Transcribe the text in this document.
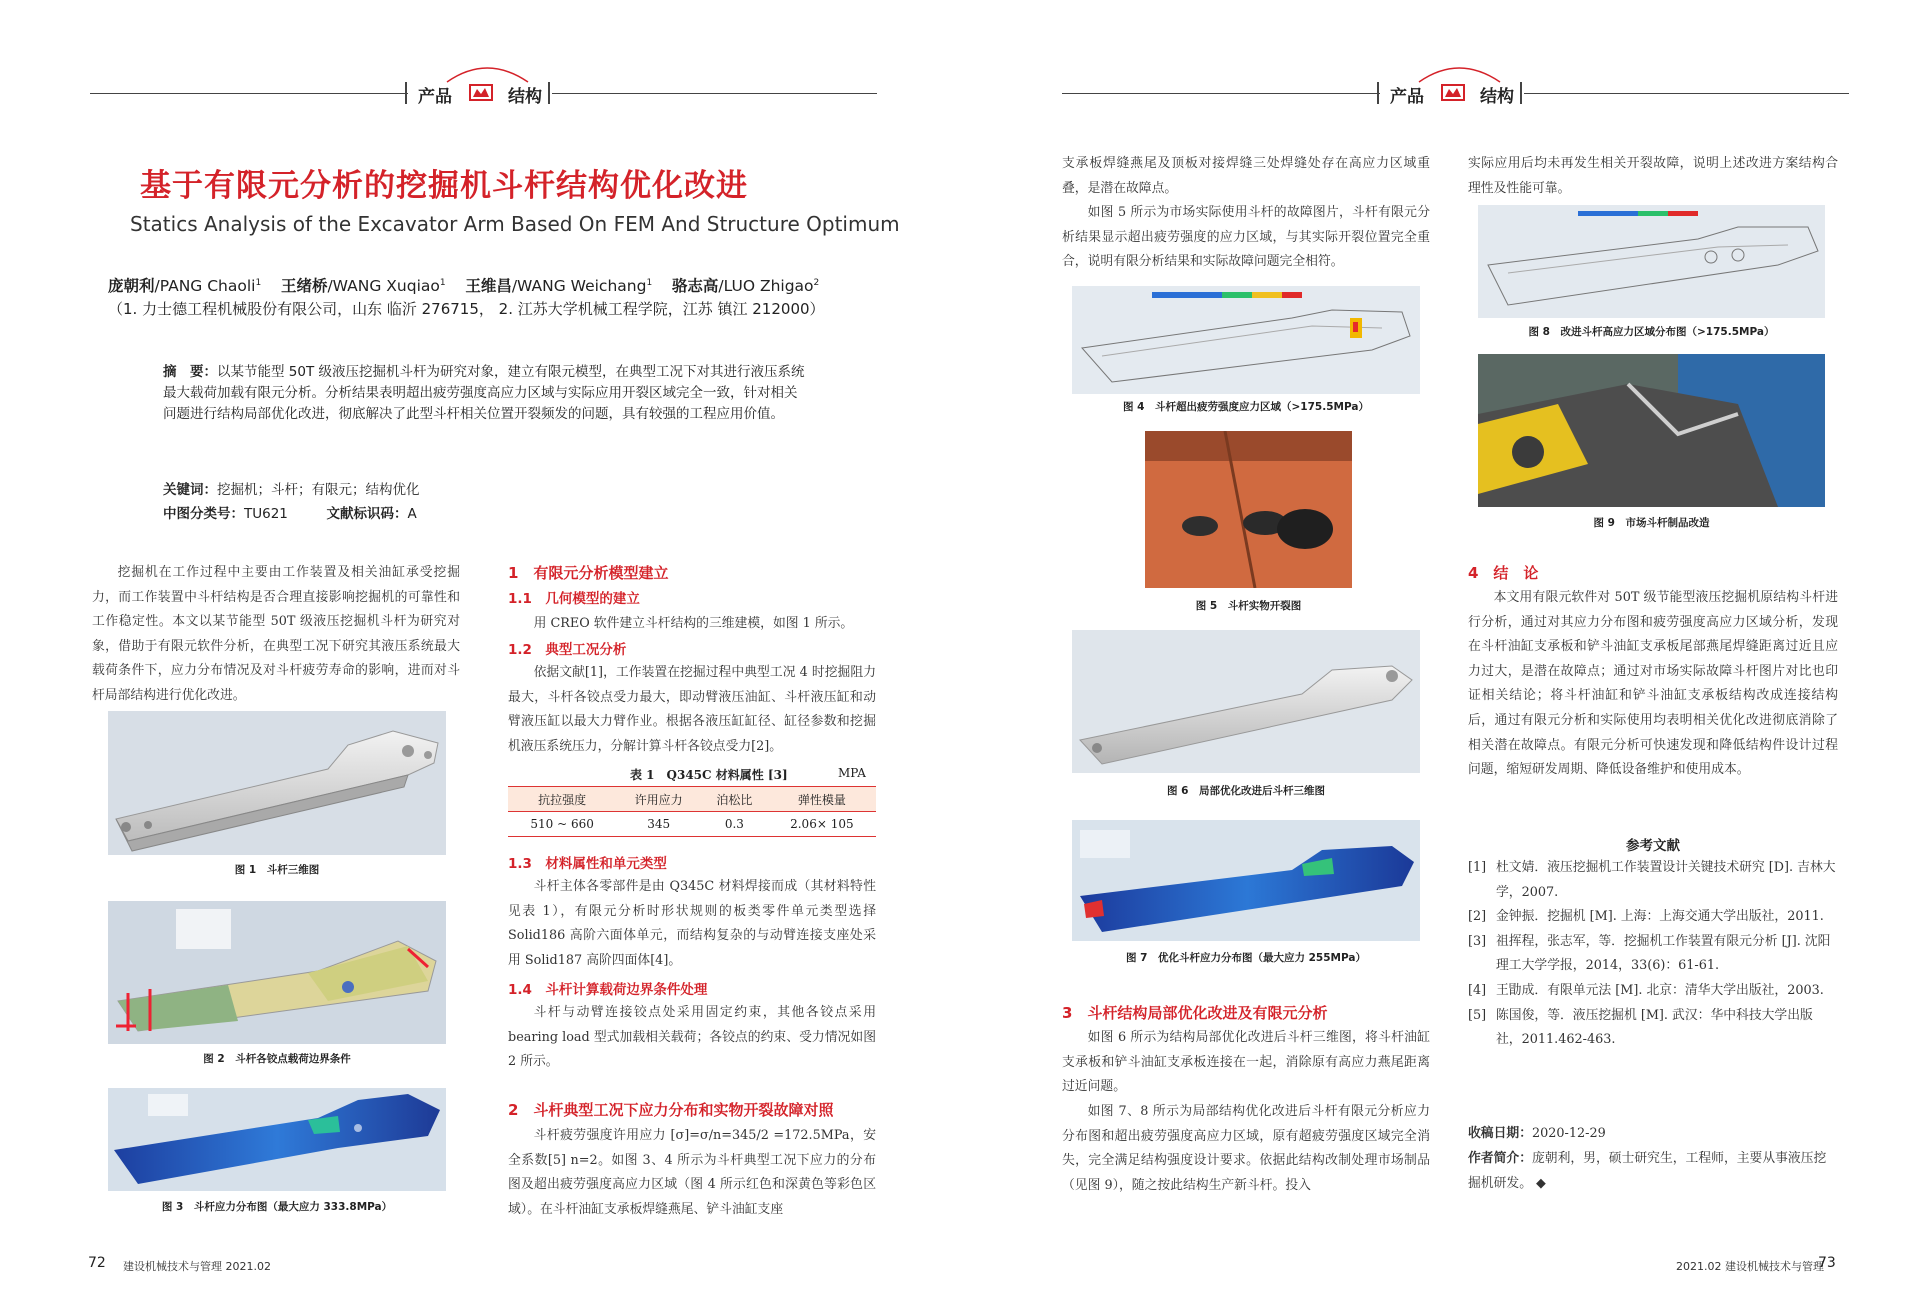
产品	结构	产品	结构
基于有限元分析的挖掘机斗杆结构优化改进
Statics Analysis of the Excavator Arm Based On FEM And Structure Optimum
庞朝利/PANG Chaoli$^1$ 王绪桥/WANG Xuqiao$^1$ 王维昌/WANG Weichang$^1$ 骆志高/LUO Zhigao$^2$
（1. 力士德工程机械股份有限公司，山东 临沂 276715， 2. 江苏大学机械工程学院，江苏 镇江 212000）
摘　要：以某节能型 50T 级液压挖掘机斗杆为研究对象，建立有限元模型，在典型工况下对其进行液压系统最大载荷加载有限元分析。分析结果表明超出疲劳强度高应力区域与实际应用开裂区域完全一致，针对相关问题进行结构局部优化改进，彻底解决了此型斗杆相关位置开裂频发的问题，具有较强的工程应用价值。
关键词：挖掘机；斗杆；有限元；结构优化
中图分类号：TU621	文献标识码：A
挖掘机在工作过程中主要由工作装置及相关油缸承受挖掘力，而工作装置中斗杆结构是否合理直接影响挖掘机的可靠性和工作稳定性。本文以某节能型 50T 级液压挖掘机斗杆为研究对象，借助于有限元软件分析，在典型工况下研究其液压系统最大载荷条件下，应力分布情况及对斗杆疲劳寿命的影响，进而对斗杆局部结构进行优化改进。
图 1　斗杆三维图
图 2　斗杆各铰点载荷边界条件
图 3　斗杆应力分布图（最大应力 333.8MPa）
1　有限元分析模型建立
1.1　几何模型的建立
用 CREO 软件建立斗杆结构的三维建模，如图 1 所示。
1.2　典型工况分析
依据文献[1]，工作装置在挖掘过程中典型工况 4 时挖掘阻力最大，斗杆各铰点受力最大，即动臂液压油缸、斗杆液压缸和动臂液压缸以最大力臂作业。根据各液压缸缸径、缸径参数和挖掘机液压系统压力，分解计算斗杆各铰点受力[2]。
表 1　Q345C 材料属性 [3]	MPA
抗拉强度	许用应力	泊松比	弹性模量
510 ~ 660	345	0.3	2.06× 105
1.3　材料属性和单元类型
斗杆主体各零部件是由 Q345C 材料焊接而成（其材料特性见表 1），有限元分析时形状规则的板类零件单元类型选择 Solid186 高阶六面体单元，而结构复杂的与动臂连接支座处采用 Solid187 高阶四面体[4]。
1.4　斗杆计算载荷边界条件处理
斗杆与动臂连接铰点处采用固定约束，其他各铰点采用 bearing load 型式加载相关载荷；各铰点的约束、受力情况如图 2 所示。
2　斗杆典型工况下应力分布和实物开裂故障对照
斗杆疲劳强度许用应力 [σ]=σ/n=345/2 =172.5MPa，安全系数[5] n=2。如图 3、4 所示为斗杆典型工况下应力的分布图及超出疲劳强度高应力区域（图 4 所示红色和深黄色等彩色区域）。在斗杆油缸支承板焊缝燕尾、铲斗油缸支座
支承板焊缝燕尾及顶板对接焊缝三处焊缝处存在高应力区域重叠，是潜在故障点。
如图 5 所示为市场实际使用斗杆的故障图片，斗杆有限元分析结果显示超出疲劳强度的应力区域，与其实际开裂位置完全重合，说明有限分析结果和实际故障问题完全相符。
图 4　斗杆超出疲劳强度应力区域（>175.5MPa）
图 5　斗杆实物开裂图
图 6　局部优化改进后斗杆三维图
图 7　优化斗杆应力分布图（最大应力 255MPa）
3　斗杆结构局部优化改进及有限元分析
如图 6 所示为结构局部优化改进后斗杆三维图，将斗杆油缸支承板和铲斗油缸支承板连接在一起，消除原有高应力燕尾距离过近问题。
如图 7、8 所示为局部结构优化改进后斗杆有限元分析应力分布图和超出疲劳强度高应力区域，原有超疲劳强度区域完全消失，完全满足结构强度设计要求。依据此结构改制处理市场制品（见图 9），随之按此结构生产新斗杆。投入
实际应用后均未再发生相关开裂故障，说明上述改进方案结构合理性及性能可靠。
图 8　改进斗杆高应力区域分布图（>175.5MPa）
图 9　市场斗杆制品改造
4　结　论
本文用有限元软件对 50T 级节能型液压挖掘机原结构斗杆进行分析，通过对其应力分布图和疲劳强度高应力区域分析，发现在斗杆油缸支承板和铲斗油缸支承板尾部燕尾焊缝距离过近且应力过大，是潜在故障点；通过对市场实际故障斗杆图片对比也印证相关结论；将斗杆油缸和铲斗油缸支承板结构改成连接结构后，通过有限元分析和实际使用均表明相关优化改进彻底消除了相关潜在故障点。有限元分析可快速发现和降低结构件设计过程问题，缩短研发周期、降低设备维护和使用成本。
参考文献
[1] 杜文婧．液压挖掘机工作装置设计关键技术研究 [D]. 吉林大学，2007.
[2] 金钟振．挖掘机 [M]. 上海：上海交通大学出版社，2011.
[3] 祖挥程，张志军，等．挖掘机工作装置有限元分析 [J]. 沈阳理工大学学报，2014，33(6)：61-61.
[4] 王勖成．有限单元法 [M]. 北京：清华大学出版社，2003.
[5] 陈国俊，等．液压挖掘机 [M]. 武汉：华中科技大学出版社，2011.462-463.
收稿日期：2020-12-29
作者简介：庞朝利，男，硕士研究生，工程师，主要从事液压挖掘机研发。 ◆
72 建设机械技术与管理 2021.02	2021.02 建设机械技术与管理
73
